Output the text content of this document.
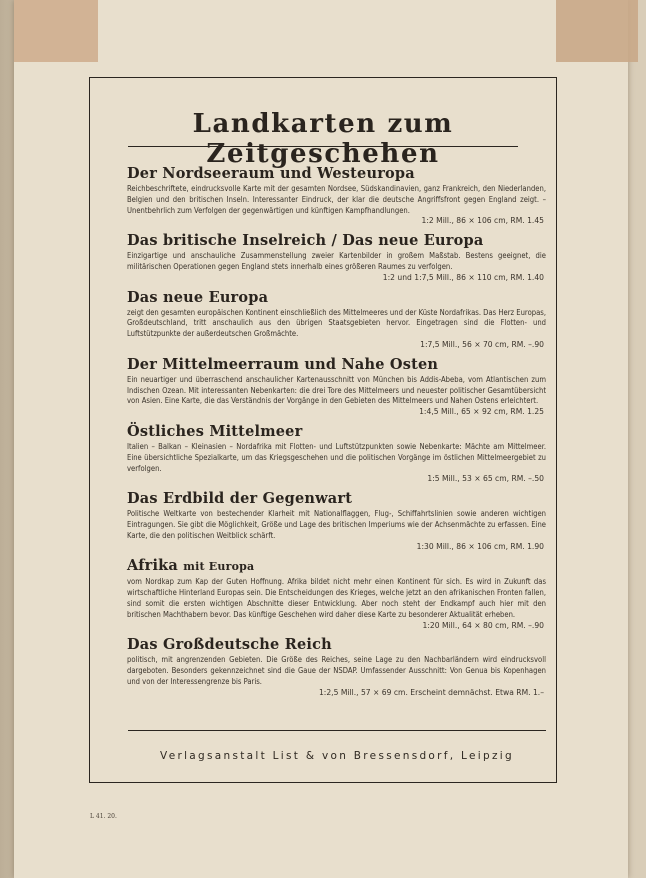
Landkarten zum Zeitgeschehen
Der Nordseeraum und Westeuropa

Reichbeschriftete, eindrucksvolle Karte mit der gesamten Nordsee, Südskandinavien, ganz Frankreich, den Niederlanden, Belgien und den britischen Inseln. Interessanter Eindruck, der klar die deutsche Angriffsfront gegen England zeigt. – Unentbehrlich zum Verfolgen der gegenwärtigen und künftigen Kampfhandlungen.

1:2 Mill., 86 × 106 cm, RM. 1.45
Das britische Inselreich / Das neue Europa

Einzigartige und anschauliche Zusammenstellung zweier Kartenbilder in großem Maßstab. Bestens geeignet, die militärischen Operationen gegen England stets innerhalb eines größeren Raumes zu verfolgen.

1:2 und 1:7,5 Mill., 86 × 110 cm, RM. 1.40
Das neue Europa

zeigt den gesamten europäischen Kontinent einschließlich des Mittelmeeres und der Küste Nordafrikas. Das Herz Europas, Großdeutschland, tritt anschaulich aus den übrigen Staatsgebieten hervor. Eingetragen sind die Flotten- und Luftstützpunkte der außerdeutschen Großmächte.

1:7,5 Mill., 56 × 70 cm, RM. –.90
Der Mittelmeerraum und Nahe Osten

Ein neuartiger und überraschend anschaulicher Kartenausschnitt von München bis Addis-Abeba, vom Atlantischen zum Indischen Ozean. Mit interessanten Nebenkarten: die drei Tore des Mittelmeers und neuester politischer Gesamtübersicht von Asien. Eine Karte, die das Verständnis der Vorgänge in den Gebieten des Mittelmeers und Nahen Ostens erleichtert.

1:4,5 Mill., 65 × 92 cm, RM. 1.25
Östliches Mittelmeer

Italien – Balkan – Kleinasien – Nordafrika mit Flotten- und Luftstützpunkten sowie Nebenkarte: Mächte am Mittelmeer. Eine übersichtliche Spezialkarte, um das Kriegsgeschehen und die politischen Vorgänge im östlichen Mittelmeergebiet zu verfolgen.

1:5 Mill., 53 × 65 cm, RM. –.50
Das Erdbild der Gegenwart

Politische Weltkarte von bestechender Klarheit mit Nationalflaggen, Flug-, Schiffahrtslinien sowie anderen wichtigen Eintragungen. Sie gibt die Möglichkeit, Größe und Lage des britischen Imperiums wie der Achsenmächte zu erfassen. Eine Karte, die den politischen Weitblick schärft.

1:30 Mill., 86 × 106 cm, RM. 1.90
Afrika mit Europa

vom Nordkap zum Kap der Guten Hoffnung. Afrika bildet nicht mehr einen Kontinent für sich. Es wird in Zukunft das wirtschaftliche Hinterland Europas sein. Die Entscheidungen des Krieges, welche jetzt an den afrikanischen Fronten fallen, sind somit die ersten wichtigen Abschnitte dieser Entwicklung. Aber noch steht der Endkampf auch hier mit den britischen Machthabern bevor. Das künftige Geschehen wird daher diese Karte zu besonderer Aktualität erheben.

1:20 Mill., 64 × 80 cm, RM. –.90
Das Großdeutsche Reich

politisch, mit angrenzenden Gebieten. Die Größe des Reiches, seine Lage zu den Nachbarländern wird eindrucksvoll dargeboten. Besonders gekennzeichnet sind die Gaue der NSDAP. Umfassender Ausschnitt: Von Genua bis Kopenhagen und von der Interessengrenze bis Paris.

1:2,5 Mill., 57 × 69 cm. Erscheint demnächst. Etwa RM. 1.–
Verlagsanstalt List & von Bressensdorf, Leipzig
L 41. 20.
